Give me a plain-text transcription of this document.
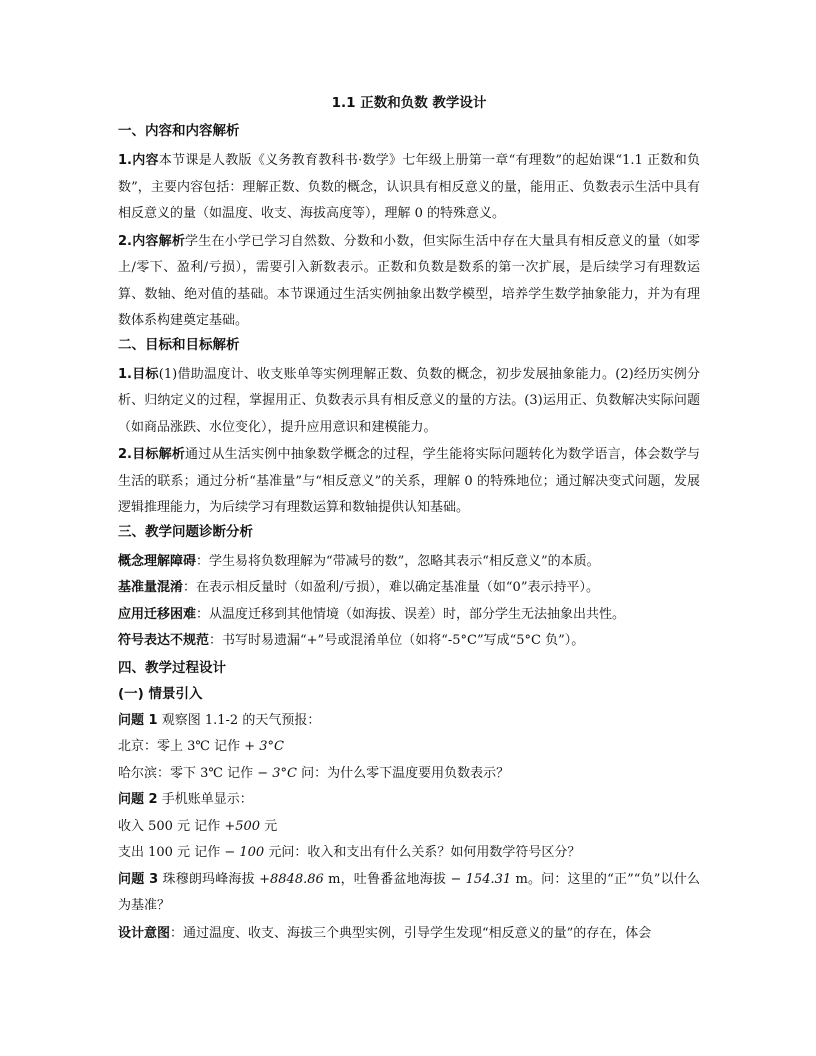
1.1 正数和负数 教学设计
一、内容和内容解析
1.内容本节课是人教版《义务教育教科书·数学》七年级上册第一章“有理数”的起始课“1.1 正数和负数”，主要内容包括：理解正数、负数的概念，认识具有相反意义的量，能用正、负数表示生活中具有相反意义的量（如温度、收支、海拔高度等），理解 0 的特殊意义。
2.内容解析学生在小学已学习自然数、分数和小数，但实际生活中存在大量具有相反意义的量（如零上/零下、盈利/亏损），需要引入新数表示。正数和负数是数系的第一次扩展，是后续学习有理数运算、数轴、绝对值的基础。本节课通过生活实例抽象出数学模型，培养学生数学抽象能力，并为有理数体系构建奠定基础。
二、目标和目标解析
1.目标(1)借助温度计、收支账单等实例理解正数、负数的概念，初步发展抽象能力。(2)经历实例分析、归纳定义的过程，掌握用正、负数表示具有相反意义的量的方法。(3)运用正、负数解决实际问题（如商品涨跌、水位变化），提升应用意识和建模能力。
2.目标解析通过从生活实例中抽象数学概念的过程，学生能将实际问题转化为数学语言，体会数学与生活的联系；通过分析“基准量”与“相反意义”的关系，理解 0 的特殊地位；通过解决变式问题，发展逻辑推理能力，为后续学习有理数运算和数轴提供认知基础。
三、教学问题诊断分析
概念理解障碍：学生易将负数理解为“带减号的数”，忽略其表示“相反意义”的本质。
基准量混淆：在表示相反量时（如盈利/亏损），难以确定基准量（如“0”表示持平）。
应用迁移困难：从温度迁移到其他情境（如海拔、误差）时，部分学生无法抽象出共性。
符号表达不规范：书写时易遗漏“+”号或混淆单位（如将“-5°C”写成“5°C 负”）。
四、教学过程设计
(一) 情景引入
问题 1 观察图 1.1-2 的天气预报：
北京：零上 3℃ 记作 + 3°C
哈尔滨：零下 3℃ 记作 − 3°C 问：为什么零下温度要用负数表示？
问题 2 手机账单显示：
收入 500 元 记作 +500 元
支出 100 元 记作 − 100 元问：收入和支出有什么关系？如何用数学符号区分？
问题 3 珠穆朗玛峰海拔 +8848.86 m，吐鲁番盆地海拔 − 154.31 m。问：这里的“正”“负”以什么为基准？
设计意图：通过温度、收支、海拔三个典型实例，引导学生发现“相反意义的量”的存在，体会
